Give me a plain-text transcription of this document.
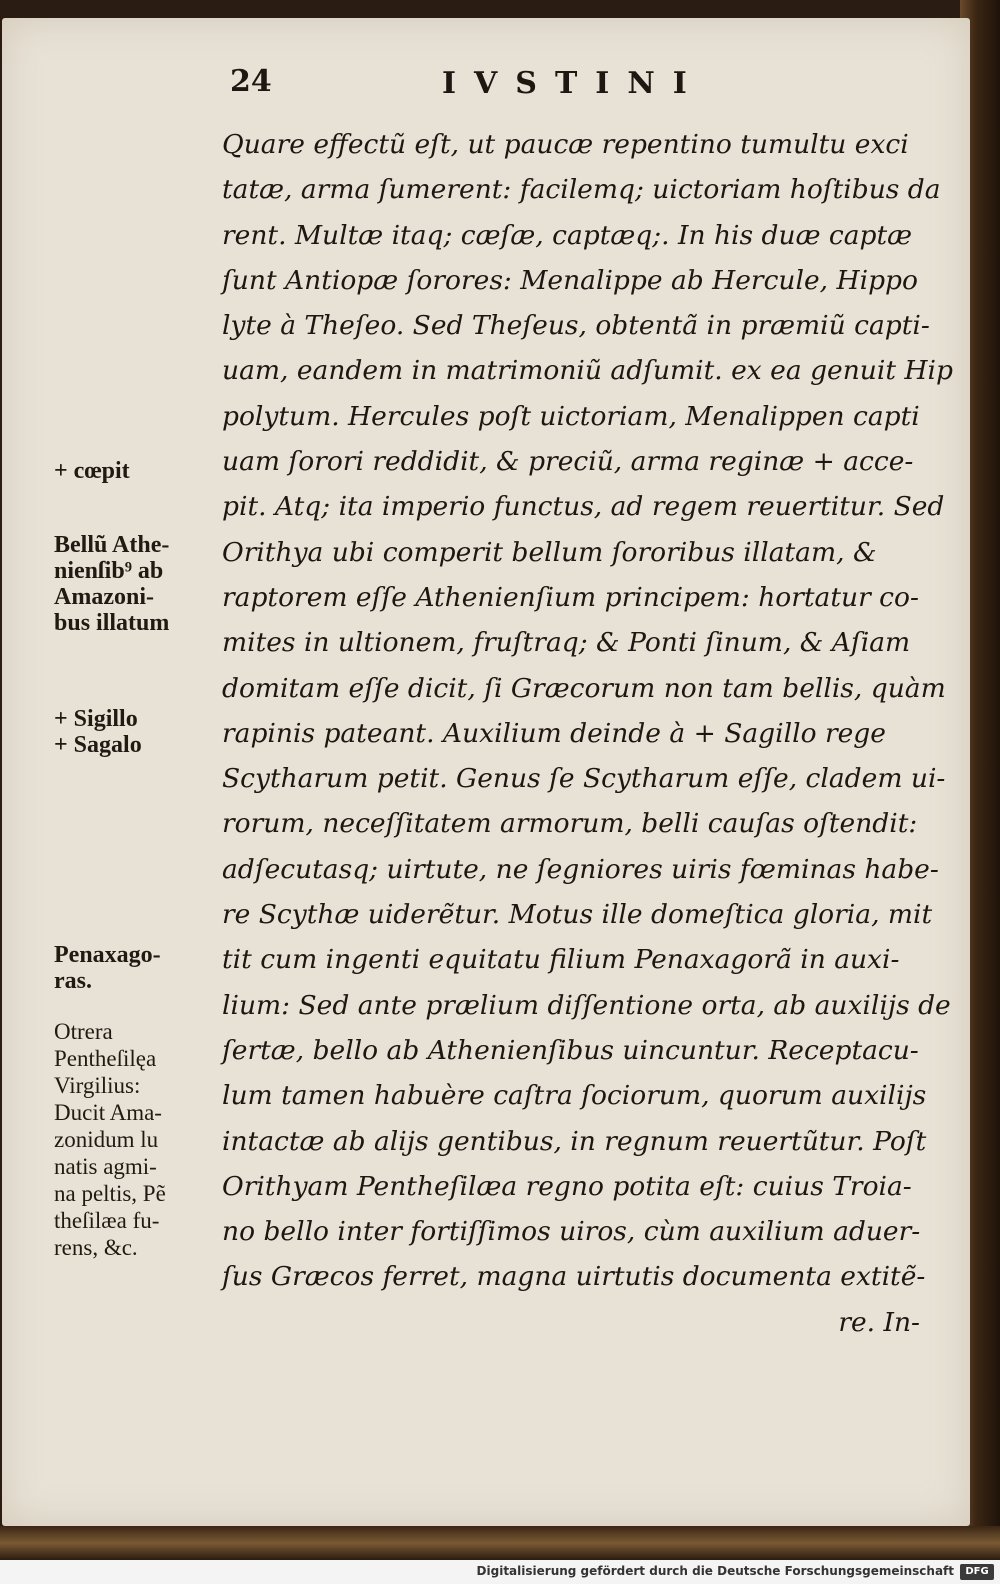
24	IVSTINI
Quare effectũ eſt, ut paucæ repentino tumultu exci
tatæ, arma ſumerent: facilemq; uictoriam hoſtibus da
rent. Multæ itaq; cæſæ, captæq;. In his duæ captæ
ſunt Antiopæ ſorores: Menalippe ab Hercule, Hippo
lyte à Theſeo. Sed Theſeus, obtentã in præmiũ capti-
uam, eandem in matrimoniũ adſumit. ex ea genuit Hip
polytum. Hercules poſt uictoriam, Menalippen capti
uam ſorori reddidit, & preciũ, arma reginæ + acce-
pit. Atq; ita imperio functus, ad regem reuertitur. Sed
Orithya ubi comperit bellum ſororibus illatam, &
raptorem eſſe Athenienſium principem: hortatur co-
mites in ultionem, fruſtraq; & Ponti ſinum, & Aſiam
domitam eſſe dicit, ſi Græcorum non tam bellis, quàm
rapinis pateant. Auxilium deinde à + Sagillo rege
Scytharum petit. Genus ſe Scytharum eſſe, cladem ui-
rorum, neceſſitatem armorum, belli cauſas oſtendit:
adſecutasq; uirtute, ne ſegniores uiris fœminas habe-
re Scythæ uiderẽtur. Motus ille domeſtica gloria, mit
tit cum ingenti equitatu filium Penaxagorã in auxi-
lium: Sed ante prælium diſſentione orta, ab auxilijs de
ſertæ, bello ab Athenienſibus uincuntur. Receptacu-
lum tamen habuère caſtra ſociorum, quorum auxilijs
intactæ ab alijs gentibus, in regnum reuertũtur. Poſt
Orithyam Pentheſilæa regno potita eſt: cuius Troia-
no bello inter fortiſſimos uiros, cùm auxilium aduer-
ſus Græcos ferret, magna uirtutis documenta extitẽ-
re. In-
+ cœpit
Bellũ Athe-
nienſib⁹ ab
Amazoni-
bus illatum
+ Sigillo
+ Sagalo
Penaxago-
ras.
Otrera
Pentheſilęa
Virgilius:
Ducit Ama-
zonidum lu
natis agmi-
na peltis, Pẽ
theſilæa fu-
rens, &c.
Digitalisierung gefördert durch die Deutsche Forschungsgemeinschaft	DFG
